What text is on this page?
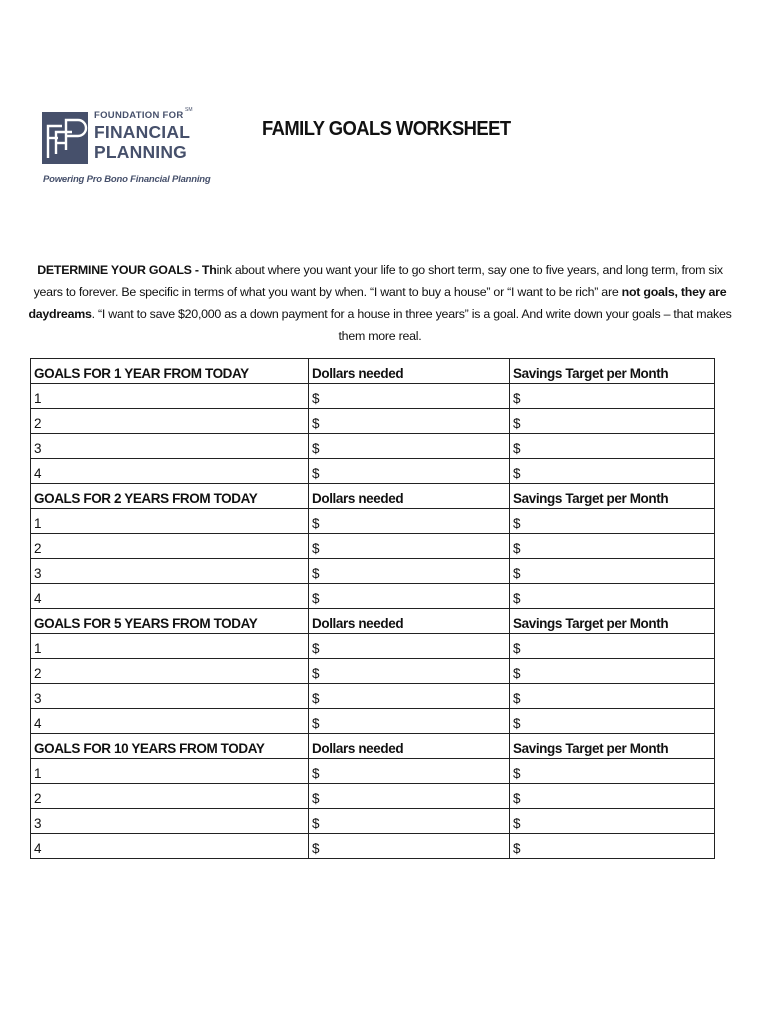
FOUNDATION FOR SM
FINANCIAL
PLANNING
Powering Pro Bono Financial Planning
FAMILY GOALS WORKSHEET
DETERMINE YOUR GOALS - Think about where you want your life to go short term, say one to five years, and long term, from six years to forever. Be specific in terms of what you want by when. “I want to buy a house” or “I want to be rich” are not goals, they are daydreams. “I want to save $20,000 as a down payment for a house in three years” is a goal. And write down your goals – that makes them more real.
GOALS FOR 1 YEAR FROM TODAY	Dollars needed	Savings Target per Month
1	$	$
2	$	$
3	$	$
4	$	$
GOALS FOR 2 YEARS FROM TODAY	Dollars needed	Savings Target per Month
1	$	$
2	$	$
3	$	$
4	$	$
GOALS FOR 5 YEARS FROM TODAY	Dollars needed	Savings Target per Month
1	$	$
2	$	$
3	$	$
4	$	$
GOALS FOR 10 YEARS FROM TODAY	Dollars needed	Savings Target per Month
1	$	$
2	$	$
3	$	$
4	$	$
